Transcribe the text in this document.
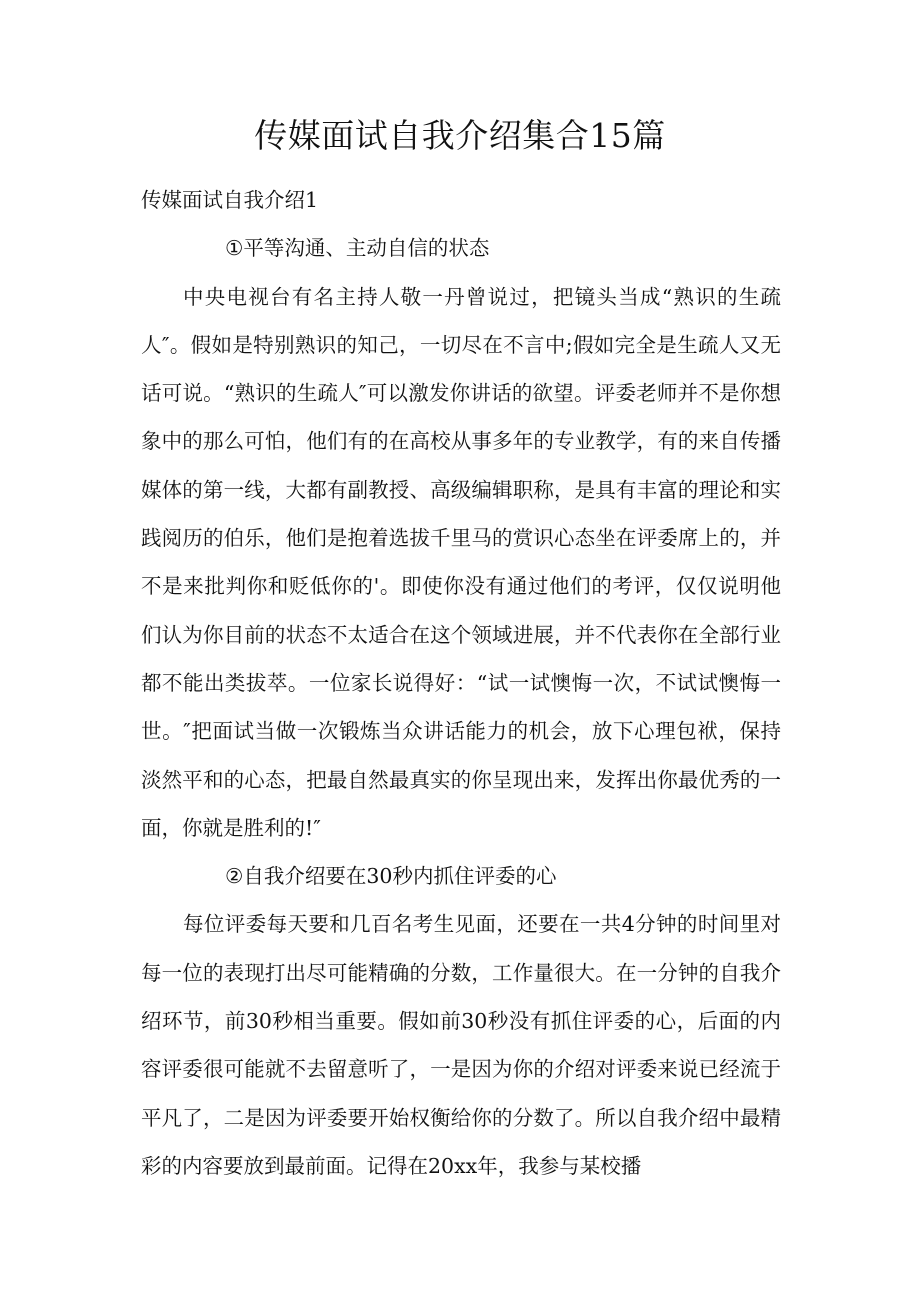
传媒面试自我介绍集合15篇

传媒面试自我介绍1

①平等沟通、主动自信的状态

中央电视台有名主持人敬一丹曾说过，把镜头当成“熟识的生疏人″。假如是特别熟识的知己，一切尽在不言中;假如完全是生疏人又无话可说。“熟识的生疏人″可以激发你讲话的欲望。评委老师并不是你想象中的那么可怕，他们有的在高校从事多年的专业教学，有的来自传播媒体的第一线，大都有副教授、高级编辑职称，是具有丰富的理论和实践阅历的伯乐，他们是抱着选拔千里马的赏识心态坐在评委席上的，并不是来批判你和贬低你的'。即使你没有通过他们的考评，仅仅说明他们认为你目前的状态不太适合在这个领域进展，并不代表你在全部行业都不能出类拔萃。一位家长说得好：“试一试懊悔一次，不试试懊悔一世。″把面试当做一次锻炼当众讲话能力的机会，放下心理包袱，保持淡然平和的心态，把最自然最真实的你呈现出来，发挥出你最优秀的一面，你就是胜利的!″

②自我介绍要在30秒内抓住评委的心

每位评委每天要和几百名考生见面，还要在一共4分钟的时间里对每一位的表现打出尽可能精确的分数，工作量很大。在一分钟的自我介绍环节，前30秒相当重要。假如前30秒没有抓住评委的心，后面的内容评委很可能就不去留意听了，一是因为你的介绍对评委来说已经流于平凡了，二是因为评委要开始权衡给你的分数了。所以自我介绍中最精彩的内容要放到最前面。记得在20xx年，我参与某校播
